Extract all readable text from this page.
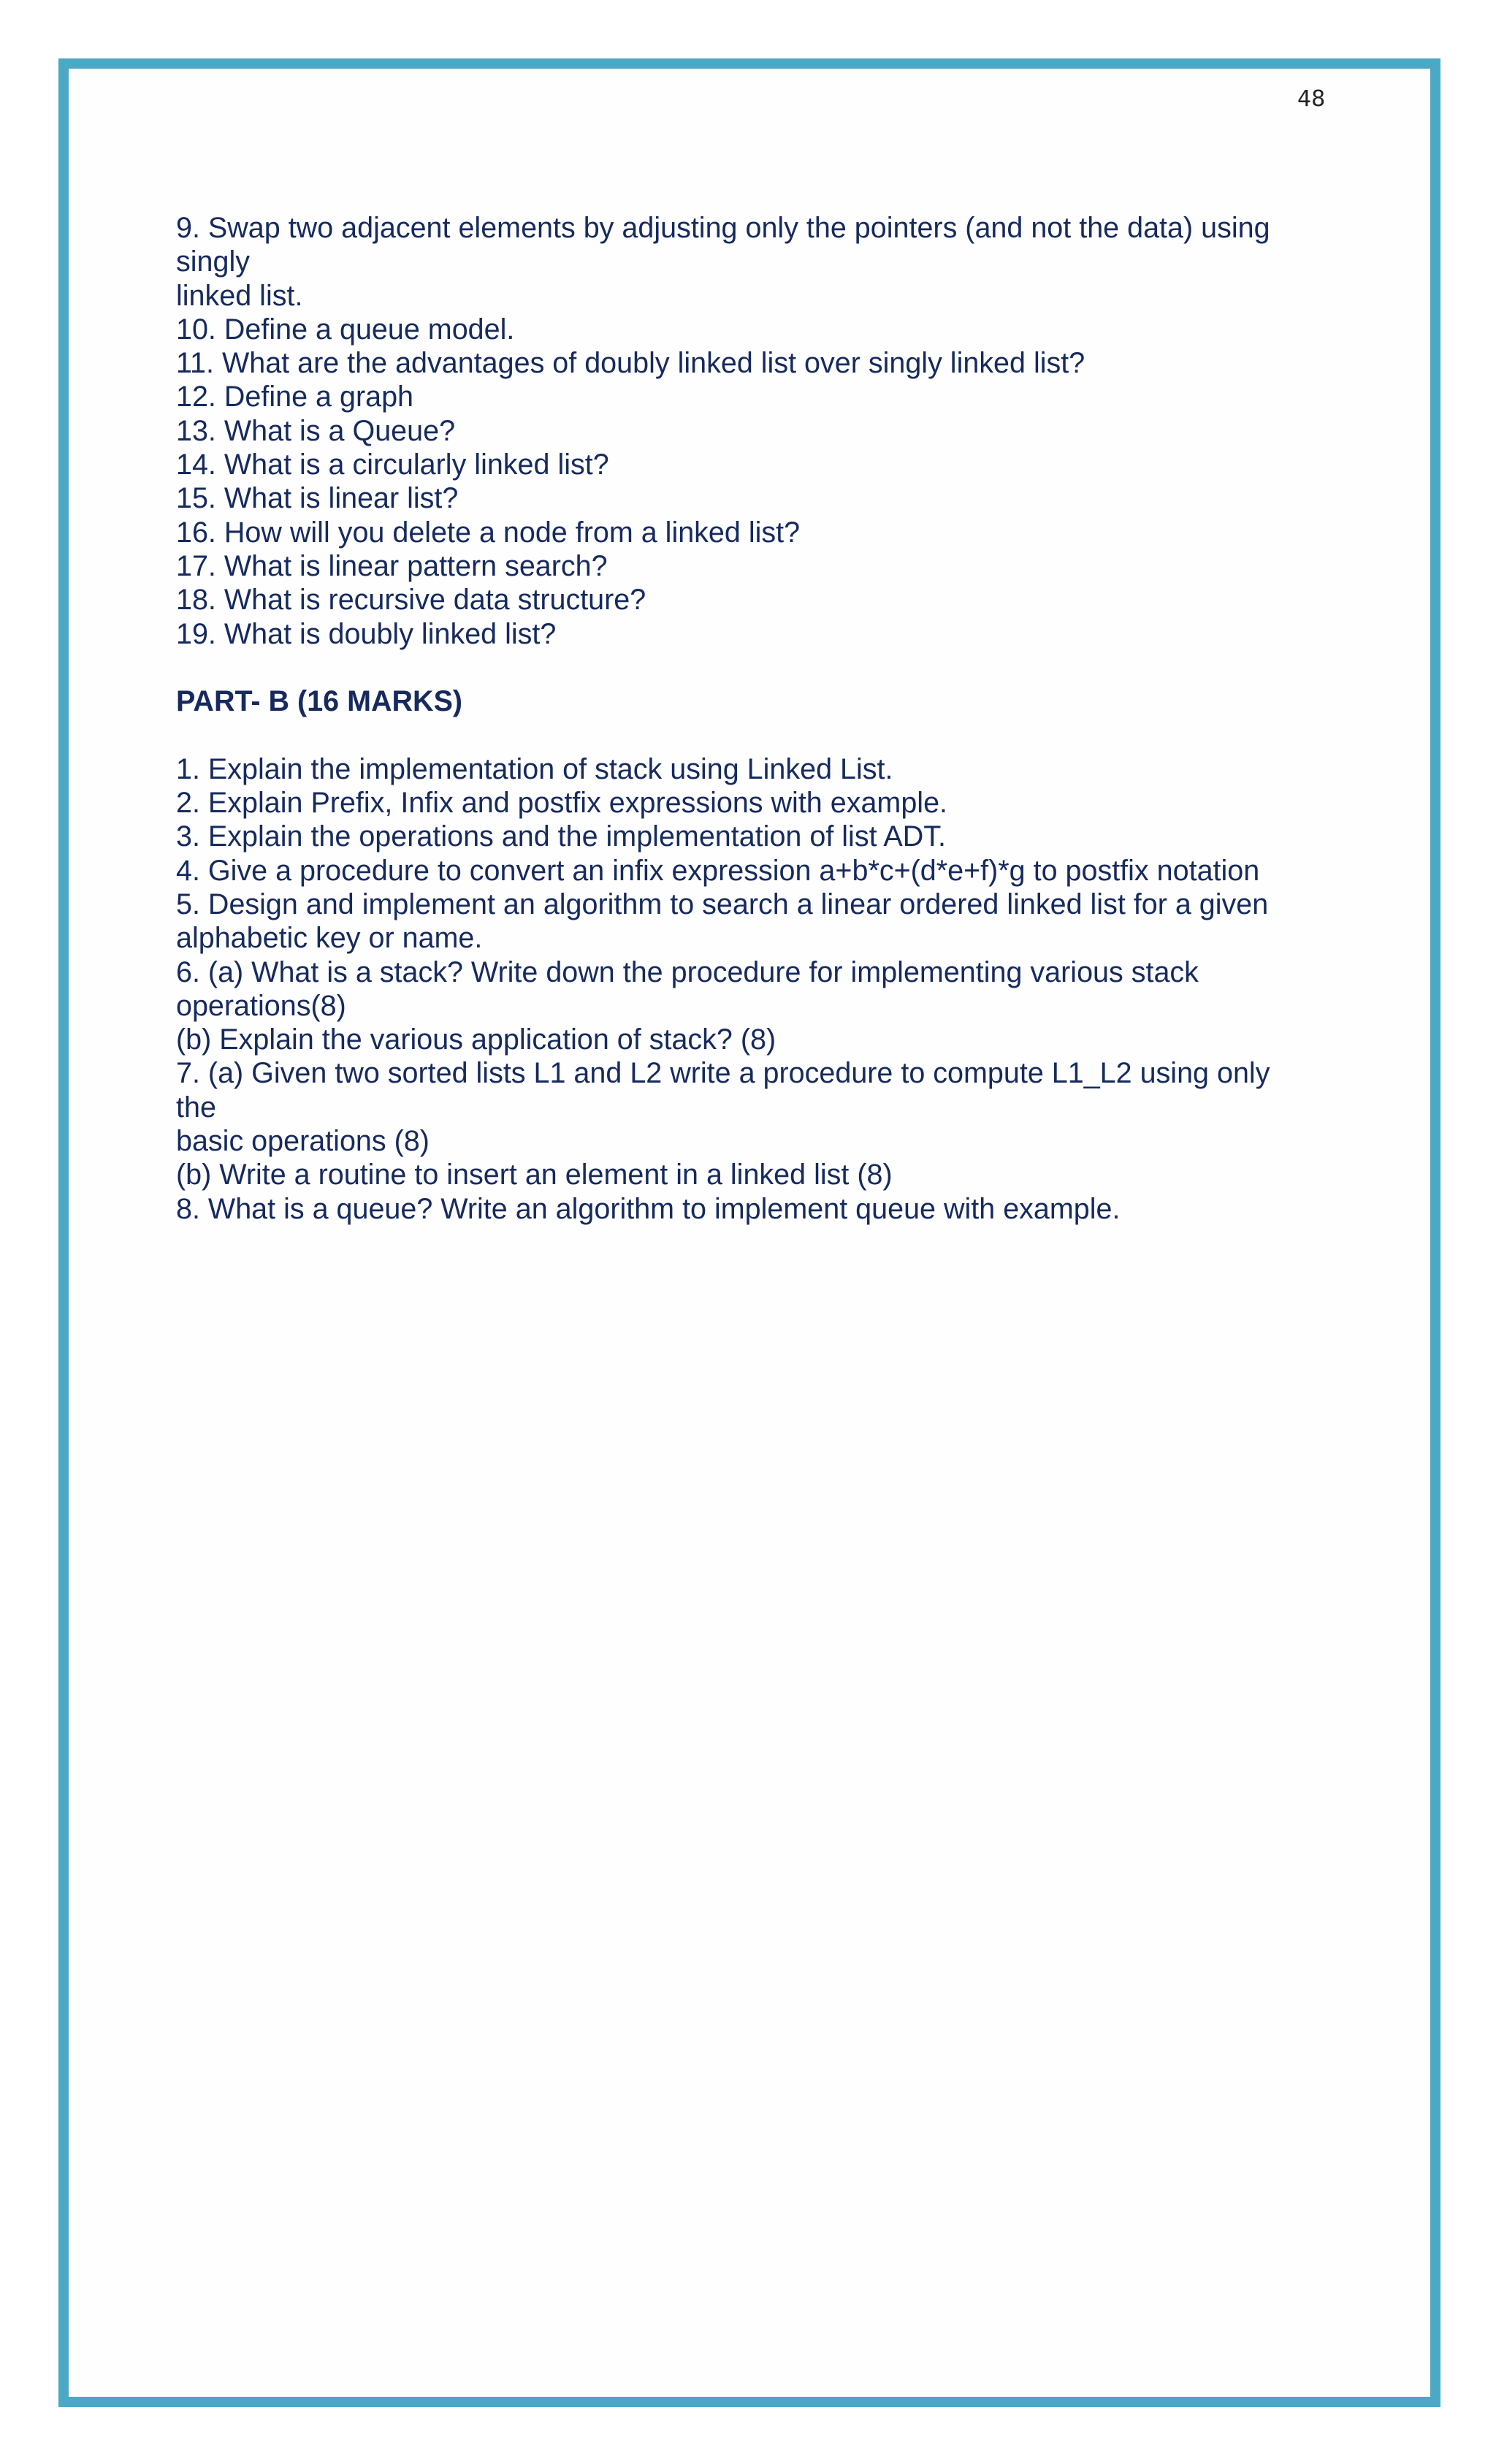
48

9. Swap two adjacent elements by adjusting only the pointers (and not the data) using

singly

linked list.

10. Define a queue model.

11. What are the advantages of doubly linked list over singly linked list?

12. Define a graph

13. What is a Queue?

14. What is a circularly linked list?

15. What is linear list?

16. How will you delete a node from a linked list?

17. What is linear pattern search?

18. What is recursive data structure?

19. What is doubly linked list?

PART- B (16 MARKS)

1. Explain the implementation of stack using Linked List.

2. Explain Prefix, Infix and postfix expressions with example.

3. Explain the operations and the implementation of list ADT.

4. Give a procedure to convert an infix expression a+b*c+(d*e+f)*g to postfix notation

5. Design and implement an algorithm to search a linear ordered linked list for a given

alphabetic key or name.

6. (a) What is a stack? Write down the procedure for implementing various stack

operations(8)

(b) Explain the various application of stack? (8)

7. (a) Given two sorted lists L1 and L2 write a procedure to compute L1_L2 using only

the

basic operations (8)

(b) Write a routine to insert an element in a linked list (8)

8. What is a queue? Write an algorithm to implement queue with example.
